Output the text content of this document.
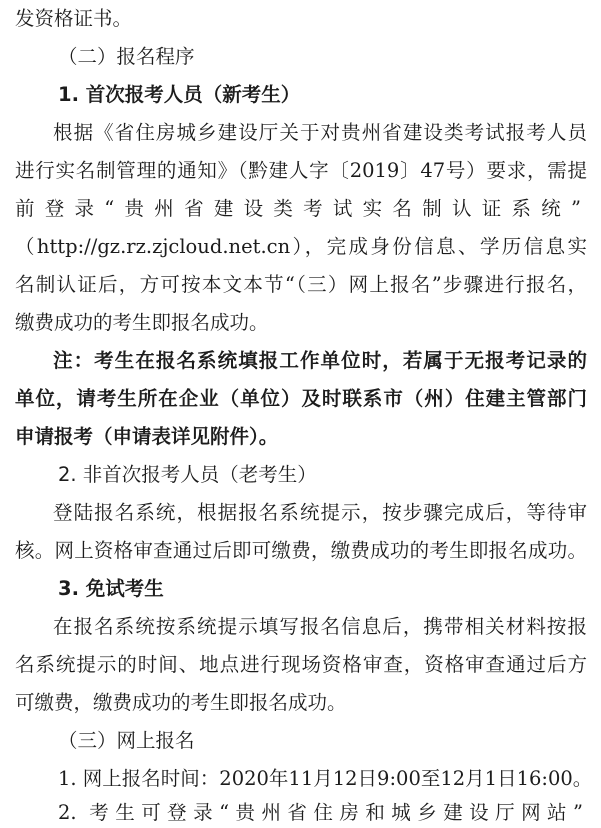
发资格证书。
（二）报名程序
1. 首次报考人员（新考生）
根据《省住房城乡建设厅关于对贵州省建设类考试报考人员
进行实名制管理的通知》（黔建人字〔2019〕47号）要求，需提
前登录“贵州省建设类考试实名制认证系统”
（http://gz.rz.zjcloud.net.cn），完成身份信息、学历信息实
名制认证后，方可按本文本节“（三）网上报名”步骤进行报名，
缴费成功的考生即报名成功。
注：考生在报名系统填报工作单位时，若属于无报考记录的
单位，请考生所在企业（单位）及时联系市（州）住建主管部门
申请报考（申请表详见附件）。
2. 非首次报考人员（老考生）
登陆报名系统，根据报名系统提示，按步骤完成后，等待审
核。网上资格审查通过后即可缴费，缴费成功的考生即报名成功。
3. 免试考生
在报名系统按系统提示填写报名信息后，携带相关材料按报
名系统提示的时间、地点进行现场资格审查，资格审查通过后方
可缴费，缴费成功的考生即报名成功。
（三）网上报名
1. 网上报名时间：2020年11月12日9:00至12月1日16:00。
2. 考生可登录“贵州省住房和城乡建设厅网站”
